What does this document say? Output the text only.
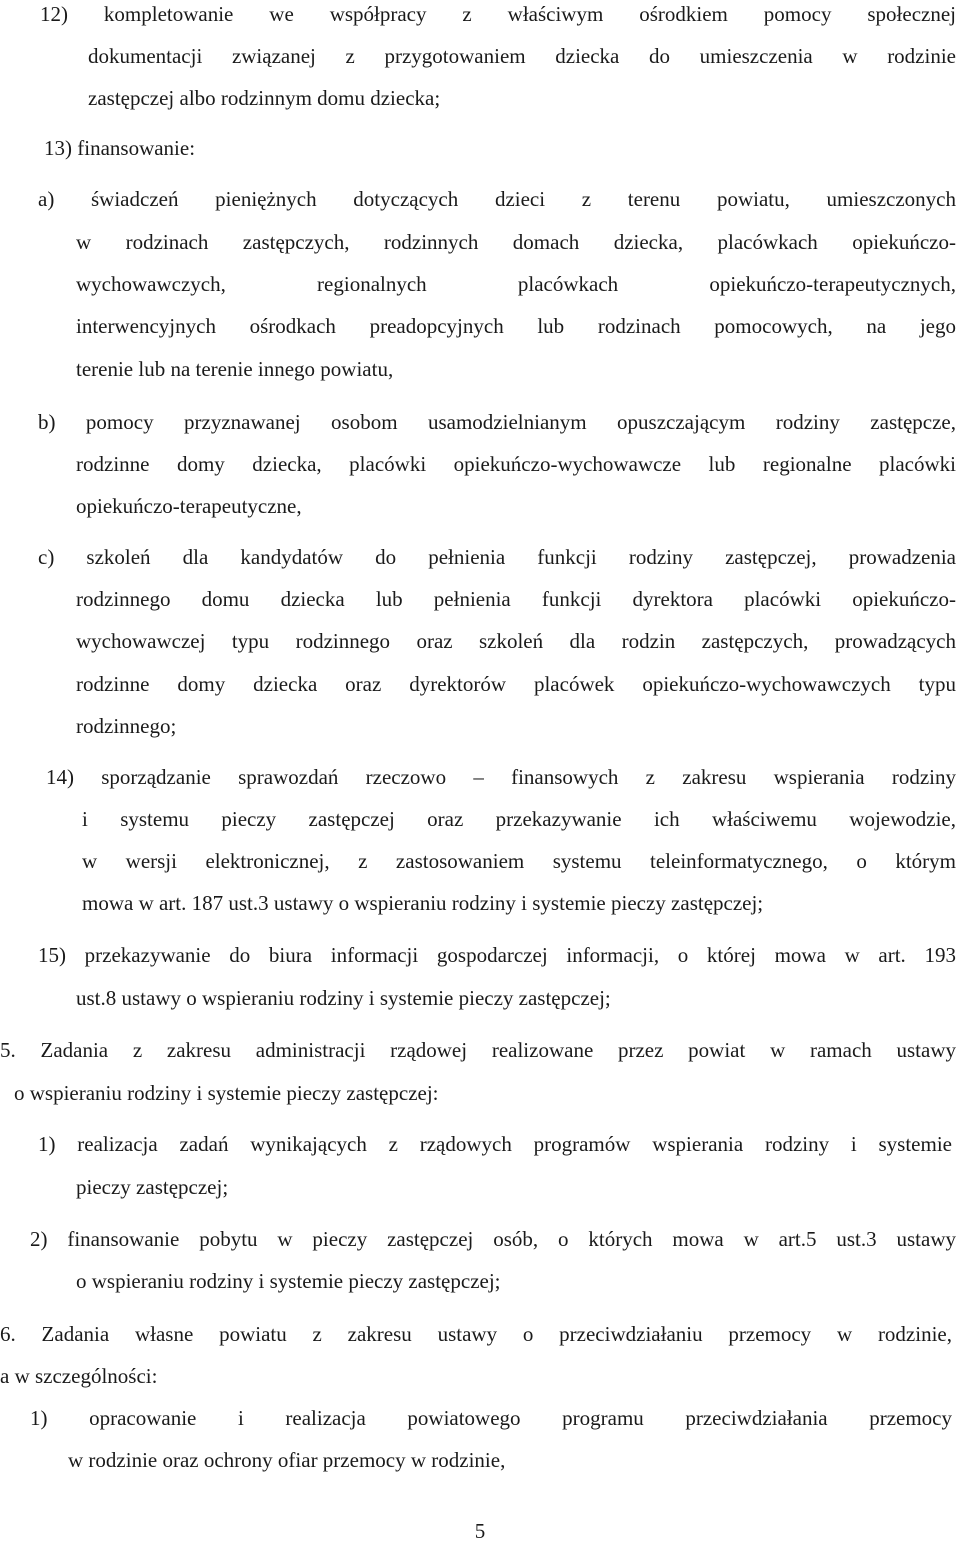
12) kompletowanie we współpracy z właściwym ośrodkiem pomocy społecznej
dokumentacji związanej z przygotowaniem dziecka do umieszczenia w rodzinie
zastępczej albo rodzinnym domu dziecka;
13) finansowanie:
a) świadczeń pieniężnych dotyczących dzieci z terenu powiatu, umieszczonych
w rodzinach zastępczych, rodzinnych domach dziecka, placówkach opiekuńczo-
wychowawczych, regionalnych placówkach opiekuńczo-terapeutycznych,
interwencyjnych ośrodkach preadopcyjnych lub rodzinach pomocowych, na jego
terenie lub na terenie innego powiatu,
b) pomocy przyznawanej osobom usamodzielnianym opuszczającym rodziny zastępcze,
rodzinne domy dziecka, placówki opiekuńczo-wychowawcze lub regionalne placówki
opiekuńczo-terapeutyczne,
c) szkoleń dla kandydatów do pełnienia funkcji rodziny zastępczej, prowadzenia
rodzinnego domu dziecka lub pełnienia funkcji dyrektora placówki opiekuńczo-
wychowawczej typu rodzinnego oraz szkoleń dla rodzin zastępczych, prowadzących
rodzinne domy dziecka oraz dyrektorów placówek opiekuńczo-wychowawczych typu
rodzinnego;
14) sporządzanie sprawozdań rzeczowo – finansowych z zakresu wspierania rodziny
i systemu pieczy zastępczej oraz przekazywanie ich właściwemu wojewodzie,
w wersji elektronicznej, z zastosowaniem systemu teleinformatycznego, o którym
mowa w art. 187 ust.3 ustawy o wspieraniu rodziny i systemie pieczy zastępczej;
15) przekazywanie do biura informacji gospodarczej informacji, o której mowa w art. 193
ust.8 ustawy o wspieraniu rodziny i systemie pieczy zastępczej;
5. Zadania z zakresu administracji rządowej realizowane przez powiat w ramach ustawy
o wspieraniu rodziny i systemie pieczy zastępczej:
1) realizacja zadań wynikających z rządowych programów wspierania rodziny i systemie
pieczy zastępczej;
2) finansowanie pobytu w pieczy zastępczej osób, o których mowa w art.5 ust.3 ustawy
o wspieraniu rodziny i systemie pieczy zastępczej;
6. Zadania własne powiatu z zakresu ustawy o przeciwdziałaniu przemocy w rodzinie,
a w szczególności:
1) opracowanie i realizacja powiatowego programu przeciwdziałania przemocy
w rodzinie oraz ochrony ofiar przemocy w rodzinie,
5
